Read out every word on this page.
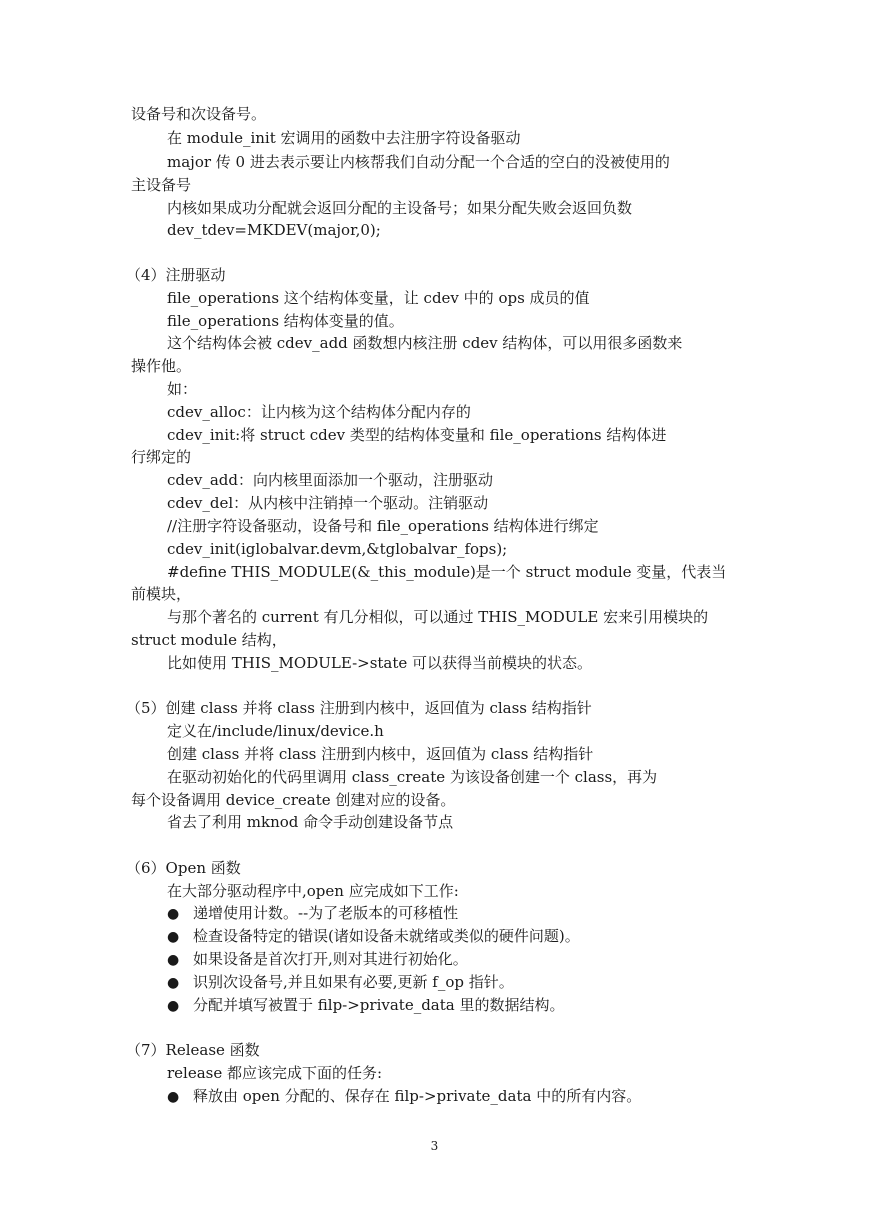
设备号和次设备号。
在 module_init 宏调用的函数中去注册字符设备驱动
major 传 0 进去表示要让内核帮我们自动分配一个合适的空白的没被使用的
主设备号
内核如果成功分配就会返回分配的主设备号；如果分配失败会返回负数
dev_tdev=MKDEV(major,0);
（4）注册驱动
file_operations 这个结构体变量，让 cdev 中的 ops 成员的值
file_operations 结构体变量的值。
这个结构体会被 cdev_add 函数想内核注册 cdev 结构体，可以用很多函数来
操作他。
如：
cdev_alloc：让内核为这个结构体分配内存的
cdev_init:将 struct cdev 类型的结构体变量和 file_operations 结构体进
行绑定的
cdev_add：向内核里面添加一个驱动，注册驱动
cdev_del：从内核中注销掉一个驱动。注销驱动
//注册字符设备驱动，设备号和 file_operations 结构体进行绑定
cdev_init(iglobalvar.devm,&tglobalvar_fops);
#define THIS_MODULE(&_this_module)是一个 struct module 变量，代表当
前模块，
与那个著名的 current 有几分相似，可以通过 THIS_MODULE 宏来引用模块的
struct module 结构，
比如使用 THIS_MODULE->state 可以获得当前模块的状态。
（5）创建 class 并将 class 注册到内核中，返回值为 class 结构指针
定义在/include/linux/device.h
创建 class 并将 class 注册到内核中，返回值为 class 结构指针
在驱动初始化的代码里调用 class_create 为该设备创建一个 class，再为
每个设备调用 device_create 创建对应的设备。
省去了利用 mknod 命令手动创建设备节点
（6）Open 函数
在大部分驱动程序中,open 应完成如下工作:
● 递增使用计数。--为了老版本的可移植性
● 检查设备特定的错误(诸如设备未就绪或类似的硬件问题)。
● 如果设备是首次打开,则对其进行初始化。
● 识别次设备号,并且如果有必要,更新 f_op 指针。
● 分配并填写被置于 filp->private_data 里的数据结构。
（7）Release 函数
release 都应该完成下面的任务:
● 释放由 open 分配的、保存在 filp->private_data 中的所有内容。
3
